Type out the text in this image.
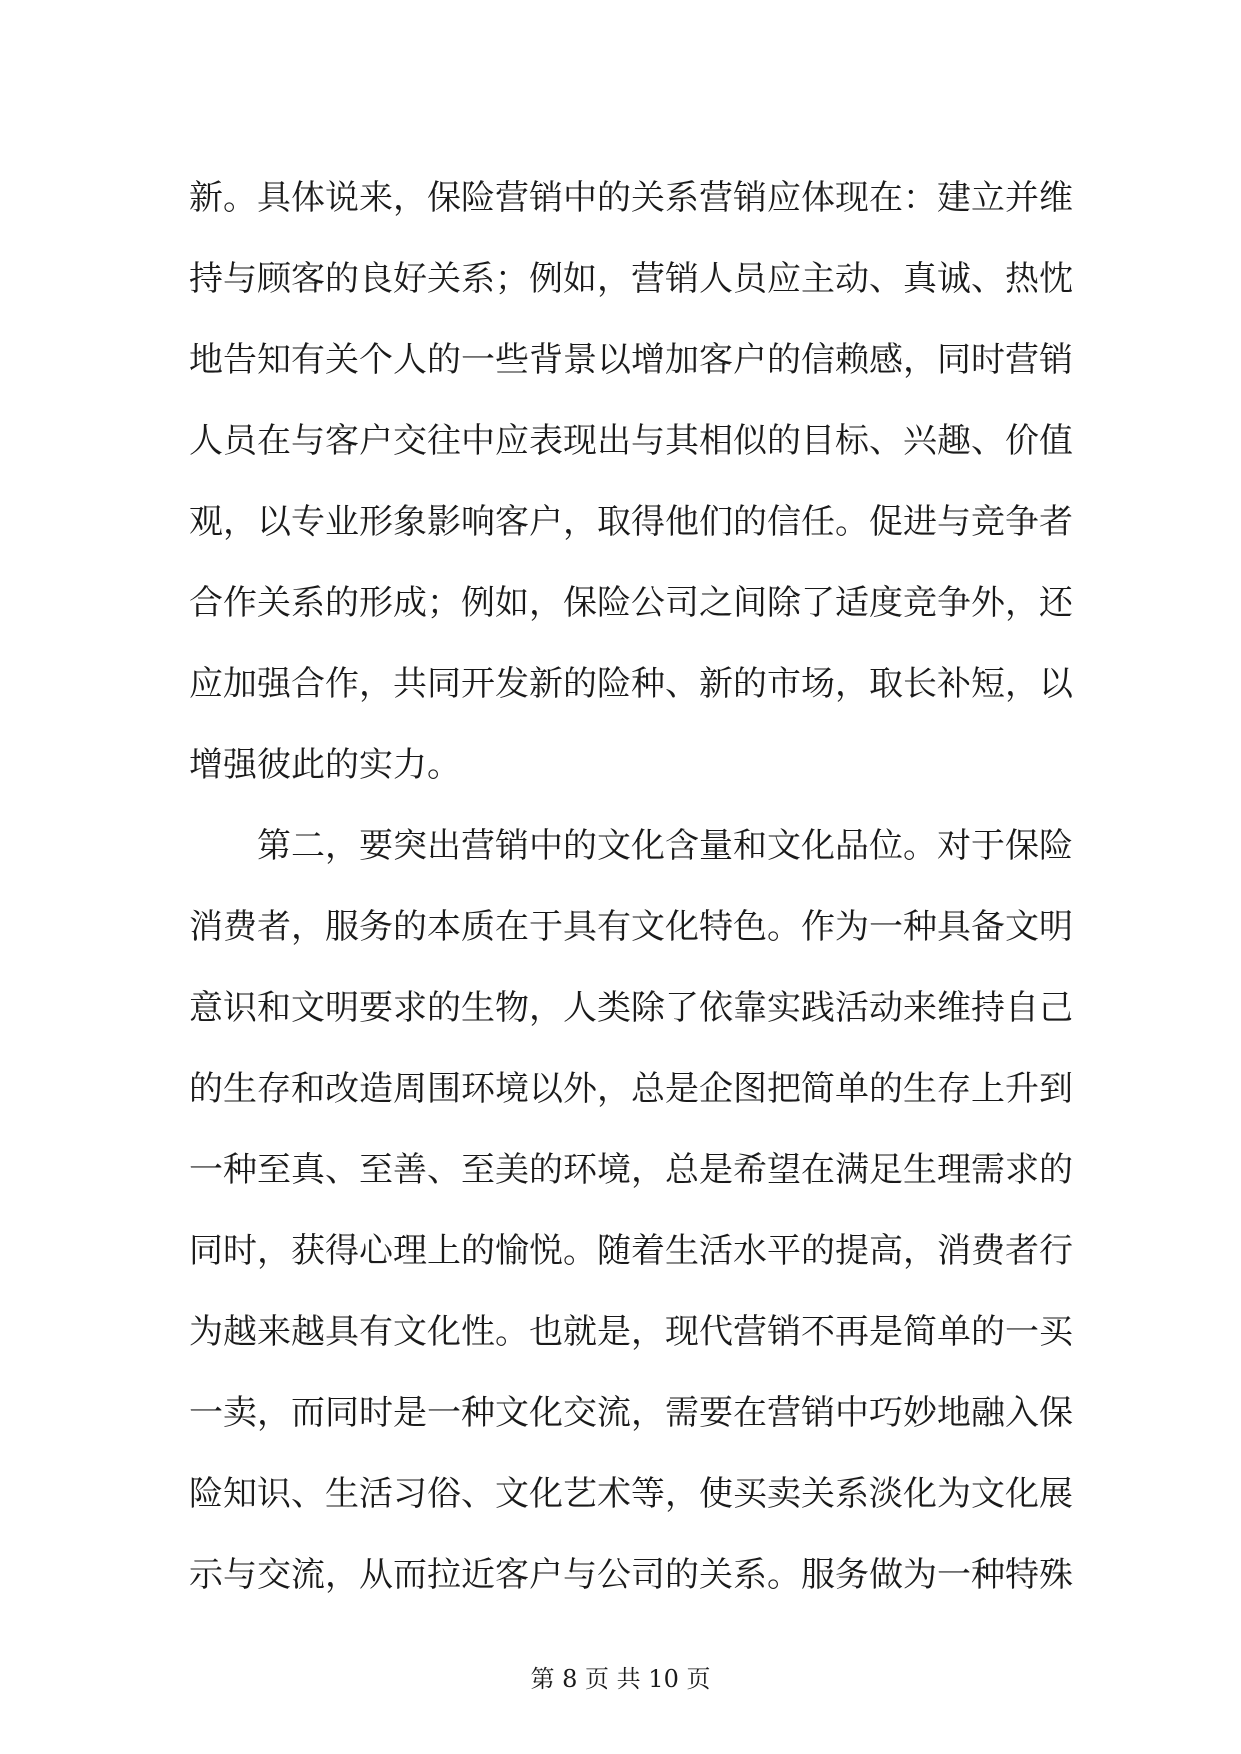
新。具体说来，保险营销中的关系营销应体现在：建立并维
持与顾客的良好关系；例如，营销人员应主动、真诚、热忱
地告知有关个人的一些背景以增加客户的信赖感，同时营销
人员在与客户交往中应表现出与其相似的目标、兴趣、价值
观，以专业形象影响客户，取得他们的信任。促进与竞争者
合作关系的形成；例如，保险公司之间除了适度竞争外，还
应加强合作，共同开发新的险种、新的市场，取长补短，以
增强彼此的实力。
第二，要突出营销中的文化含量和文化品位。对于保险
消费者，服务的本质在于具有文化特色。作为一种具备文明
意识和文明要求的生物，人类除了依靠实践活动来维持自己
的生存和改造周围环境以外，总是企图把简单的生存上升到
一种至真、至善、至美的环境，总是希望在满足生理需求的
同时，获得心理上的愉悦。随着生活水平的提高，消费者行
为越来越具有文化性。也就是，现代营销不再是简单的一买
一卖，而同时是一种文化交流，需要在营销中巧妙地融入保
险知识、生活习俗、文化艺术等，使买卖关系淡化为文化展
示与交流，从而拉近客户与公司的关系。服务做为一种特殊
第 8 页 共 10 页
